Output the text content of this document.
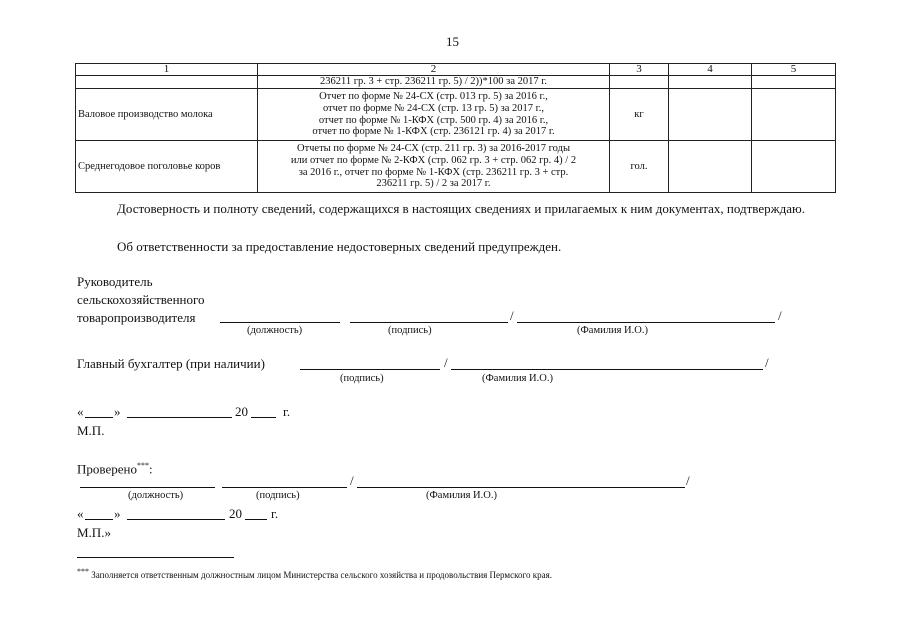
15
1	2	3	4	5

	236211 гр. 3 + стр. 236211 гр. 5) / 2))*100 за 2017 г.			

Валовое производство молока	Отчет по форме № 24-СХ (стр. 013 гр. 5) за 2016 г.,
отчет по форме № 24-СХ (стр. 13 гр. 5) за 2017 г.,
отчет по форме № 1-КФХ (стр. 500 гр. 4) за 2016 г.,
отчет по форме № 1-КФХ (стр. 236121 гр. 4) за 2017 г.	кг		
Среднегодовое поголовье коров	Отчеты по форме № 24-СХ (стр. 211 гр. 3) за 2016-2017 годы
или отчет по форме № 2-КФХ (стр. 062 гр. 3 + стр. 062 гр. 4) / 2
за 2016 г., отчет по форме № 1-КФХ (стр. 236211 гр. 3 + стр.
236211 гр. 5) / 2 за 2017 г.	гол.		
Достоверность и полноту сведений, содержащихся в настоящих сведениях и прилагаемых к ним документах, подтверждаю.
Об ответственности за предоставление недостоверных сведений предупрежден.
Руководитель
сельскохозяйственного
товаропроизводителя	/	/
(должность)	(подпись)	(Фамилия И.О.)
Главный бухгалтер (при наличии)	/	/
(подпись)	(Фамилия И.О.)
« »	20	г.
М.П.
Проверено***:
/	/
(должность)	(подпись)	(Фамилия И.О.)
« »	20 г.
М.П.»
*** Заполняется ответственным должностным лицом Министерства сельского хозяйства и продовольствия Пермского края.
